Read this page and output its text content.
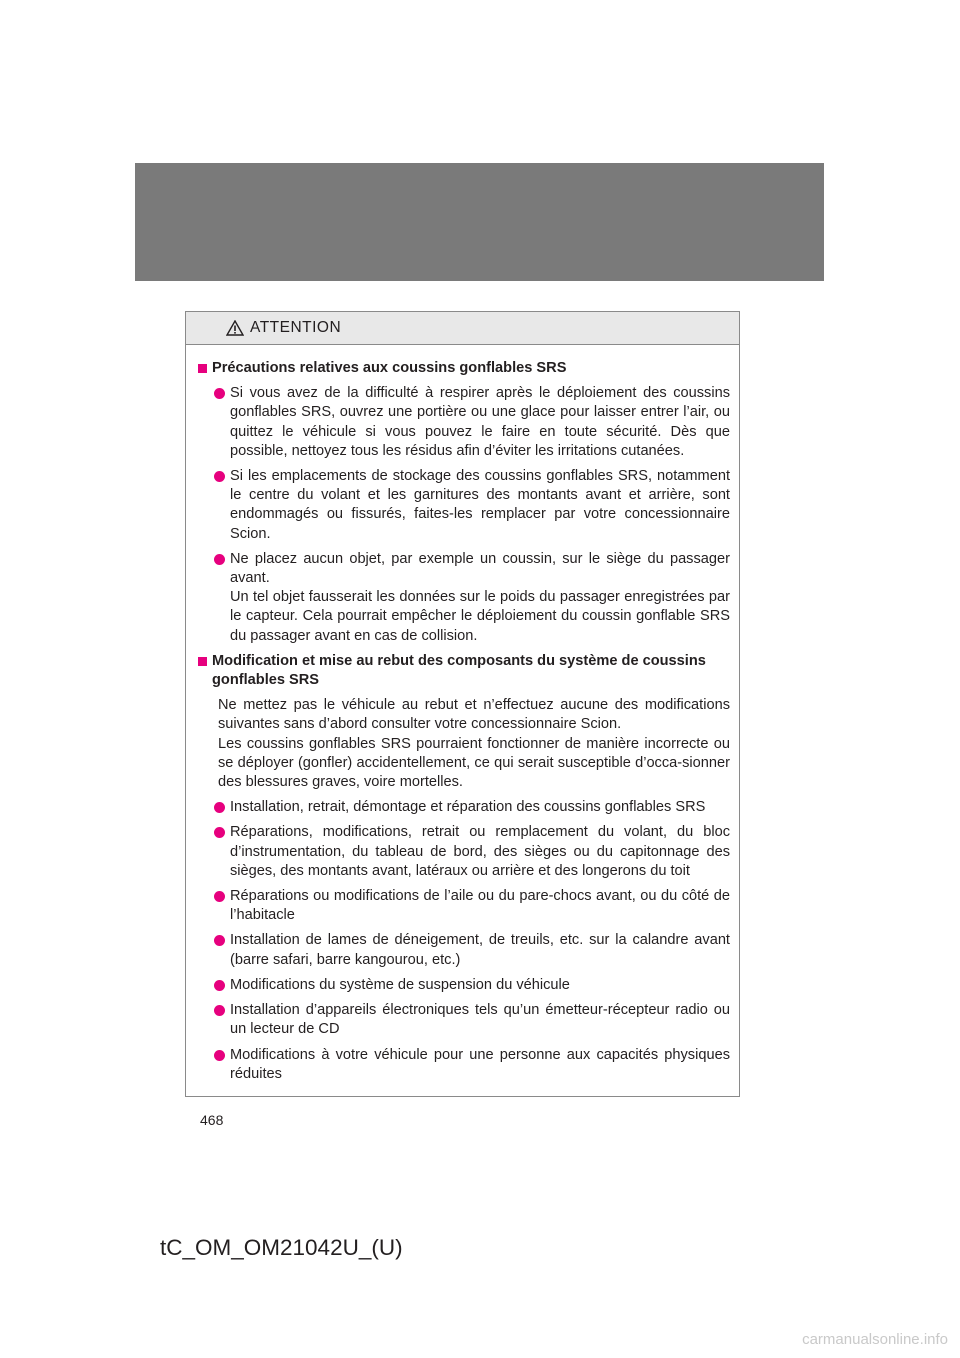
ATTENTION
Précautions relatives aux coussins gonflables SRS
Si vous avez de la difficulté à respirer après le déploiement des coussins gonflables SRS, ouvrez une portière ou une glace pour laisser entrer l’air, ou quittez le véhicule si vous pouvez le faire en toute sécurité. Dès que possible, nettoyez tous les résidus afin d’éviter les irritations cutanées.
Si les emplacements de stockage des coussins gonflables SRS, notamment le centre du volant et les garnitures des montants avant et arrière, sont endommagés ou fissurés, faites-les remplacer par votre concessionnaire Scion.
Ne placez aucun objet, par exemple un coussin, sur le siège du passager avant.
Un tel objet fausserait les données sur le poids du passager enregistrées par le capteur. Cela pourrait empêcher le déploiement du coussin gonflable SRS du passager avant en cas de collision.
Modification et mise au rebut des composants du système de coussins
gonflables SRS
Ne mettez pas le véhicule au rebut et n’effectuez aucune des modifications suivantes sans d’abord consulter votre concessionnaire Scion.
Les coussins gonflables SRS pourraient fonctionner de manière incorrecte ou se déployer (gonfler) accidentellement, ce qui serait susceptible d’occa-sionner des blessures graves, voire mortelles.
Installation, retrait, démontage et réparation des coussins gonflables SRS
Réparations, modifications, retrait ou remplacement du volant, du bloc d’instrumentation, du tableau de bord, des sièges ou du capitonnage des sièges, des montants avant, latéraux ou arrière et des longerons du toit
Réparations ou modifications de l’aile ou du pare-chocs avant, ou du côté de l’habitacle
Installation de lames de déneigement, de treuils, etc. sur la calandre avant (barre safari, barre kangourou, etc.)
Modifications du système de suspension du véhicule
Installation d’appareils électroniques tels qu’un émetteur-récepteur radio ou un lecteur de CD
Modifications à votre véhicule pour une personne aux capacités physiques réduites
468
tC_OM_OM21042U_(U)
carmanualsonline.info
